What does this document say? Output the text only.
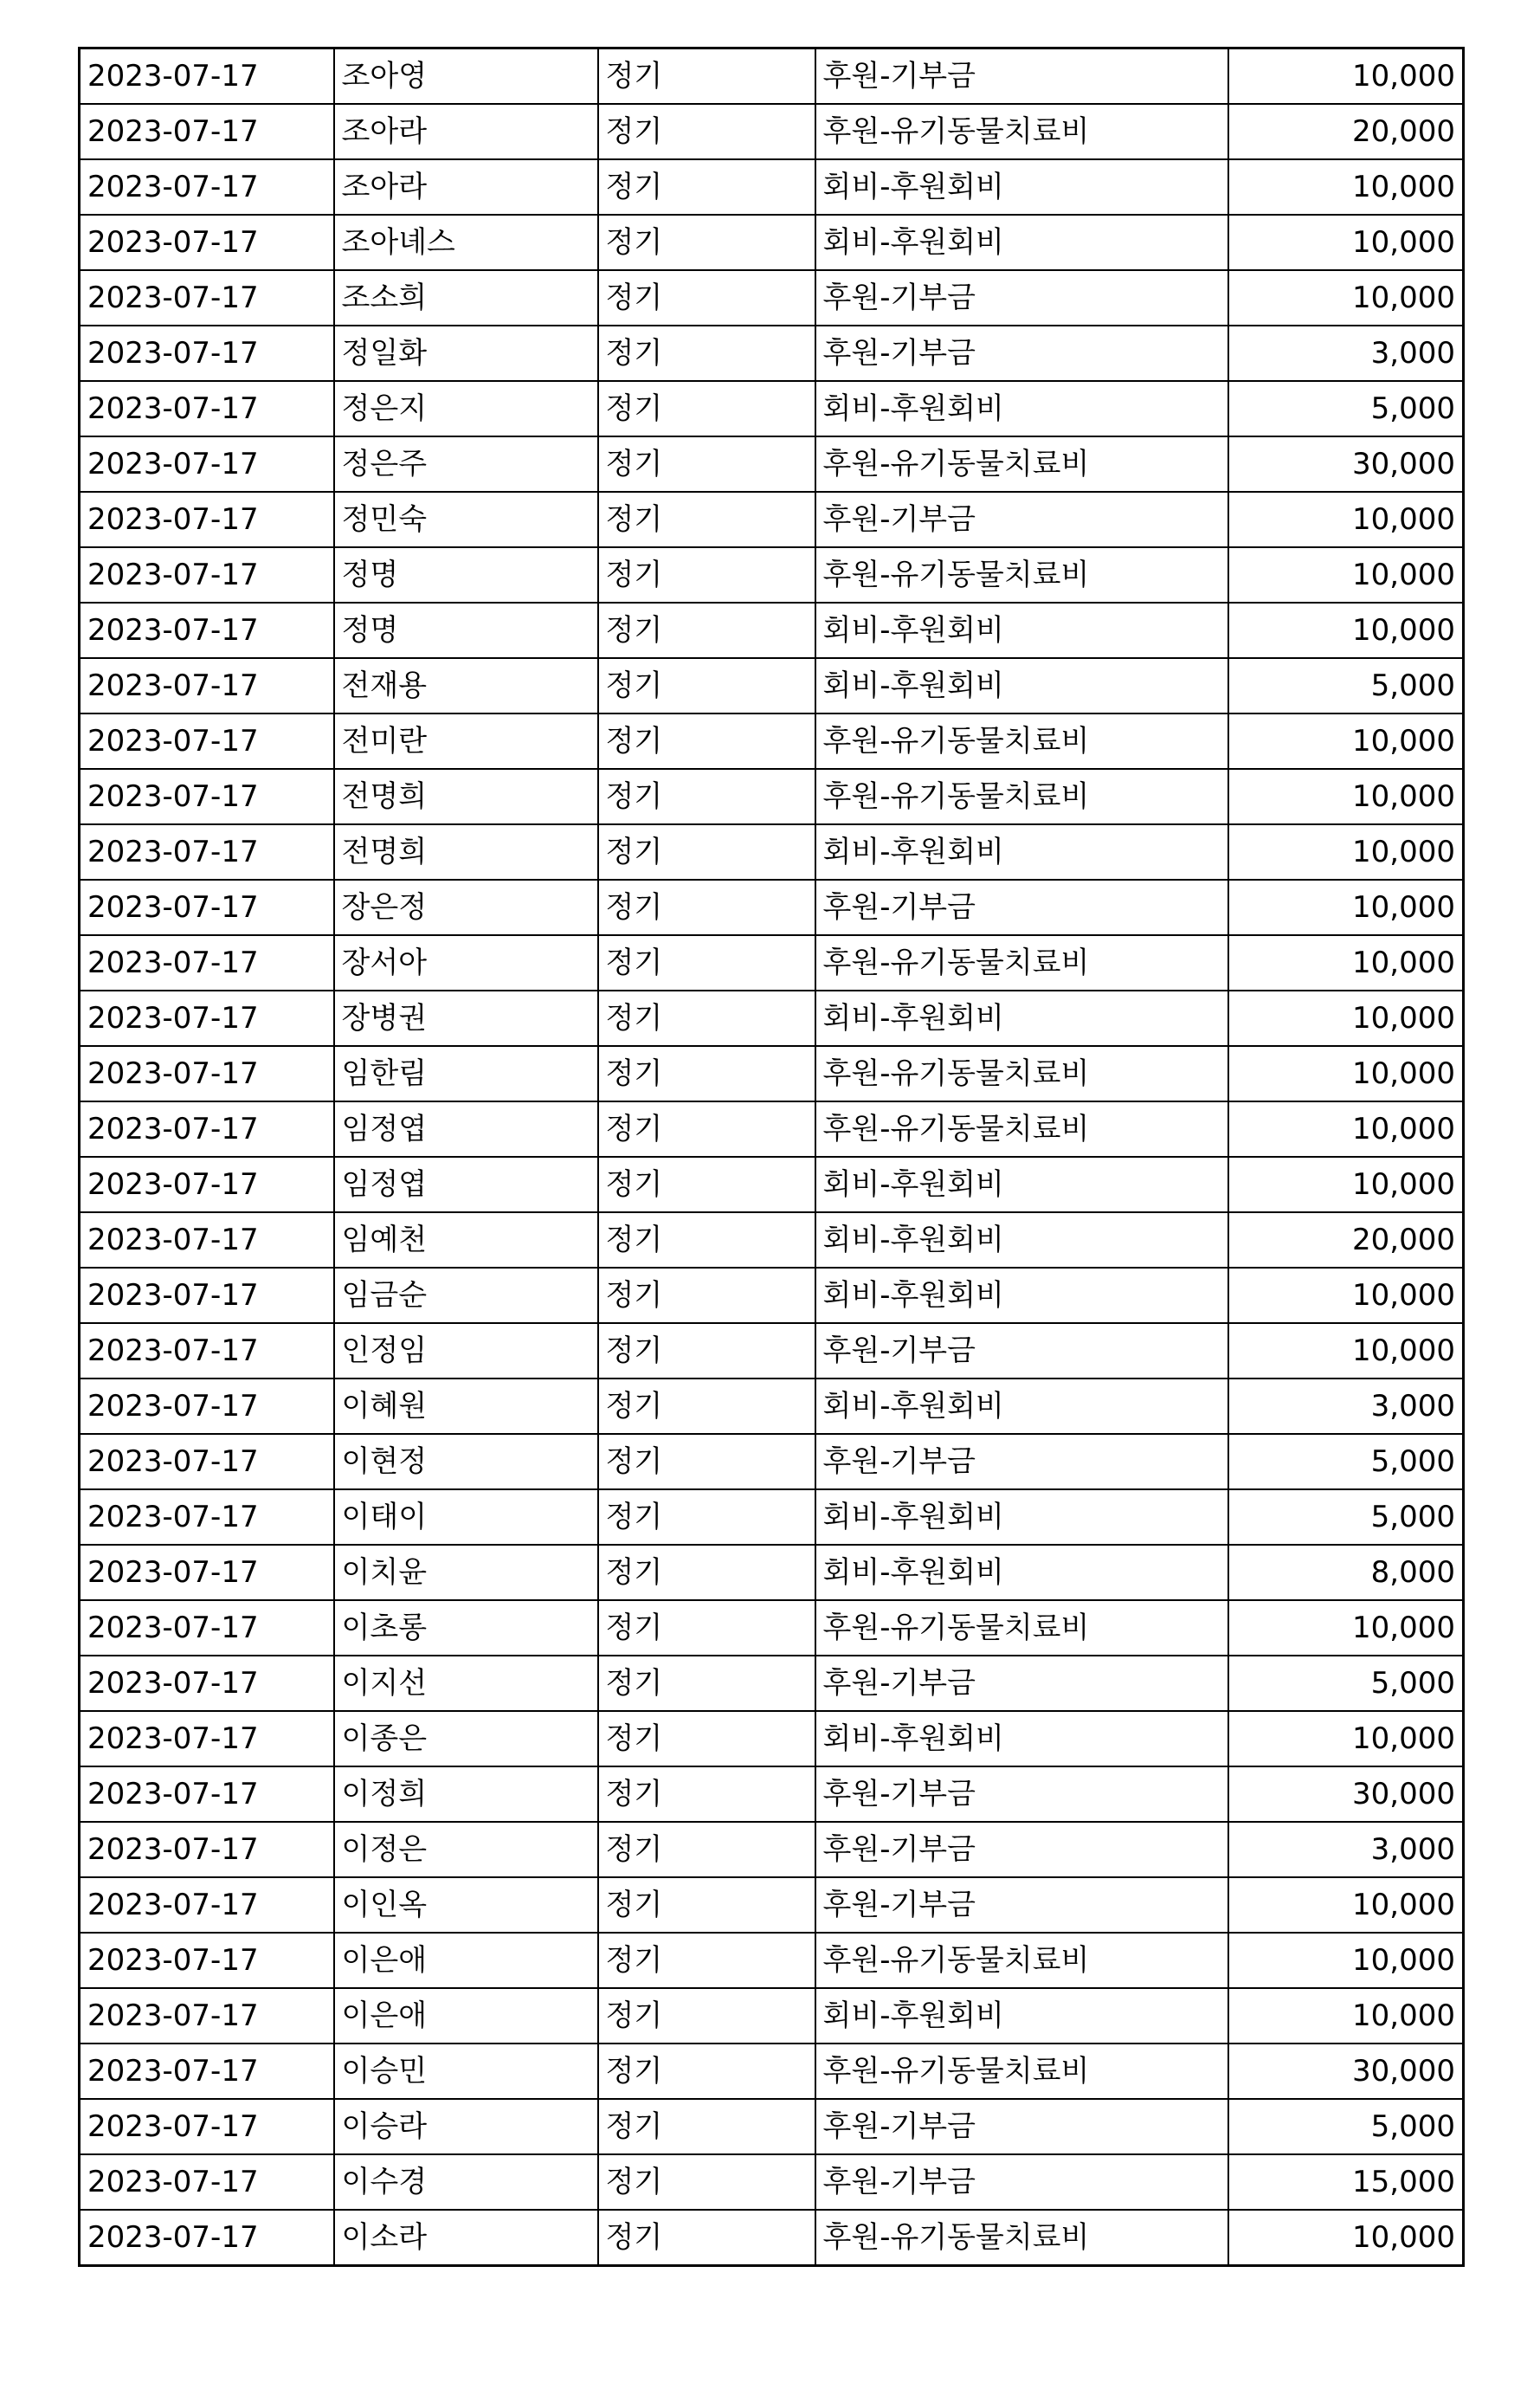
2023-07-17	조아영	정기	후원-기부금	10,000
2023-07-17	조아라	정기	후원-유기동물치료비	20,000
2023-07-17	조아라	정기	회비-후원회비	10,000
2023-07-17	조아녜스	정기	회비-후원회비	10,000
2023-07-17	조소희	정기	후원-기부금	10,000
2023-07-17	정일화	정기	후원-기부금	3,000
2023-07-17	정은지	정기	회비-후원회비	5,000
2023-07-17	정은주	정기	후원-유기동물치료비	30,000
2023-07-17	정민숙	정기	후원-기부금	10,000
2023-07-17	정명	정기	후원-유기동물치료비	10,000
2023-07-17	정명	정기	회비-후원회비	10,000
2023-07-17	전재용	정기	회비-후원회비	5,000
2023-07-17	전미란	정기	후원-유기동물치료비	10,000
2023-07-17	전명희	정기	후원-유기동물치료비	10,000
2023-07-17	전명희	정기	회비-후원회비	10,000
2023-07-17	장은정	정기	후원-기부금	10,000
2023-07-17	장서아	정기	후원-유기동물치료비	10,000
2023-07-17	장병권	정기	회비-후원회비	10,000
2023-07-17	임한림	정기	후원-유기동물치료비	10,000
2023-07-17	임정엽	정기	후원-유기동물치료비	10,000
2023-07-17	임정엽	정기	회비-후원회비	10,000
2023-07-17	임예천	정기	회비-후원회비	20,000
2023-07-17	임금순	정기	회비-후원회비	10,000
2023-07-17	인정임	정기	후원-기부금	10,000
2023-07-17	이혜원	정기	회비-후원회비	3,000
2023-07-17	이현정	정기	후원-기부금	5,000
2023-07-17	이태이	정기	회비-후원회비	5,000
2023-07-17	이치윤	정기	회비-후원회비	8,000
2023-07-17	이초롱	정기	후원-유기동물치료비	10,000
2023-07-17	이지선	정기	후원-기부금	5,000
2023-07-17	이종은	정기	회비-후원회비	10,000
2023-07-17	이정희	정기	후원-기부금	30,000
2023-07-17	이정은	정기	후원-기부금	3,000
2023-07-17	이인옥	정기	후원-기부금	10,000
2023-07-17	이은애	정기	후원-유기동물치료비	10,000
2023-07-17	이은애	정기	회비-후원회비	10,000
2023-07-17	이승민	정기	후원-유기동물치료비	30,000
2023-07-17	이승라	정기	후원-기부금	5,000
2023-07-17	이수경	정기	후원-기부금	15,000
2023-07-17	이소라	정기	후원-유기동물치료비	10,000
